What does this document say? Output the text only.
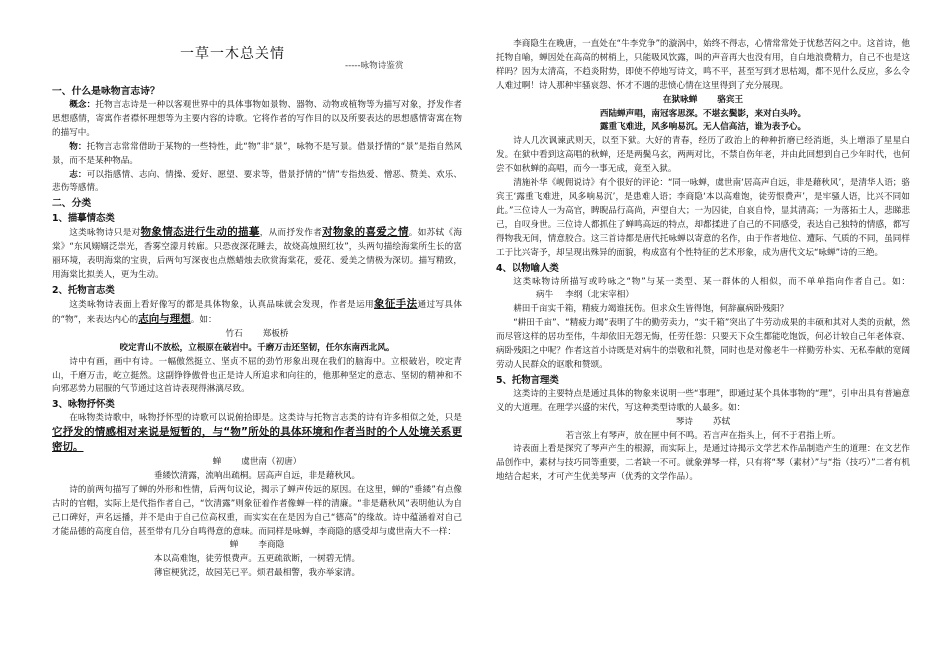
一草一木总关情
-----咏物诗鉴赏

一、什么是咏物言志诗？

概念：托物言志诗是一种以客观世界中的具体事物如景物、器物、动物或植物等为描写对象，抒发作者思想感情，寄寓作者襟怀理想等为主要内容的诗歌。它将作者的写作目的以及所要表达的思想感情寄寓在物的描写中。

物：托物言志常常借助于某物的一些特性，此“物”非“景”，咏物不是写景。借景抒情的“景”是指自然风景，而不是某种物品。

志：可以指感情、志向、情操、爱好、愿望、要求等，借景抒情的“情”专指热爱、憎恶、赞美、欢乐、悲伤等感情。

二、分类

1、描摹情态类

这类咏物诗只是对物象情态进行生动的描摹，从而抒发作者对物象的喜爱之情。如苏轼《海棠》“东风嫋嫋泛崇光，香雾空濛月转廊。只恐夜深花睡去，故烧高烛照红妆”，头两句描绘海棠所生长的富丽环境，表明海棠的宝贵，后两句写深夜也点燃蜡烛去欣赏海棠花，爱花、爱美之情极为深切。描写精致，用海棠比拟美人，更为生动。

2、托物言志类

这类咏物诗表面上看好像写的都是具体物象，认真品味就会发现，作者是运用象征手法通过写具体的“物”，来表达内心的志向与理想。如：

竹石 郑板桥

咬定青山不放松，立根原在破岩中。千磨万击还坚韧，任尔东南西北风。

诗中有画，画中有诗。一幅傲然挺立、坚贞不屈的劲竹形象出现在我们的脑海中。立根破岩，咬定青山，千磨万击，屹立挺然。这副铮铮傲骨也正是诗人所追求和向往的，他那种坚定的意志、坚韧的精神和不向邪恶势力屈服的气节通过这首诗表现得淋漓尽致。

3、咏物抒怀类

在咏物类诗歌中，咏物抒怀型的诗歌可以说俯拾即是。这类诗与托物言志类的诗有许多相似之处，只是它抒发的情感相对来说是短暂的，与“物”所处的具体环境和作者当时的个人处境关系更密切。

蝉 虞世南（初唐）

垂緌饮清露，流响出疏桐。居高声自远，非是藉秋风。

诗的前两句描写了蝉的外形和性情，后两句议论，揭示了蝉声传远的原因。在这里，蝉的“垂緌”有点像古时的官帽，实际上是代指作者自己，“饮清露”则象征着作者像蝉一样的清廉。“非是藉秋风”表明他认为自己口碑好，声名远播，并不是由于自己位高权重，而实实在在是因为自己“德高”的缘故。诗中蕴涵着对自己才能品德的高度自信，甚至带有几分自鸣得意的意味。而同样是咏蝉，李商隐的感受却与虞世南大不一样：

蝉 李商隐

本以高难饱，徒劳恨费声。五更疏欲断，一树碧无情。

薄宦梗犹泛，故园芜已平。烦君最相警，我亦举家清。

李商隐生在晚唐，一直处在“牛李党争”的漩涡中，始终不得志，心情常常处于忧愁苦闷之中。这首诗，他托物自喻，蝉因处在高高的树梢上，只能吸风饮露，叫的声音再大也没有用，自白地浪费精力，自己不也是这样吗？因为太清高，不趋炎附势，即使不停地写诗文，鸣不平，甚至写到才思枯竭，都不见什么反应，多么令人难过啊！诗人那种牢骚哀怨、怀才不遇的悲愤心情在这里得到了充分展现。

在狱咏蝉 骆宾王

西陆蝉声唱，南冠客思深。不堪玄鬓影，来对白头吟。

露重飞难进，风多响易沉。无人信高洁，谁为表予心。

诗人几次讽谏武则天，以至下狱。大好的青春，经历了政治上的种种折磨已经消逝，头上增添了星星白发。在狱中看到这高唱的秋蝉，还是两鬓乌玄，两两对比，不禁自伤年老，并由此回想到自己少年时代，也何尝不如秋蝉的高唱，而今一事无成，竟至入狱。

清施补华《岘佣说诗》有个很好的评论：“同一咏蝉，虞世南‘居高声自远，非是藉秋风’，是清华人语；骆宾王‘露重飞难进，风多响易沉’，是患难人语；李商隐‘本以高难饱，徒劳恨费声’，是牢骚人语，比兴不同如此。”三位诗人一为高官，睥睨品行高尚，声望自大；一为囚徒，自哀自怜，显其清高；一为落拓士人，悲睇悲己，自叹身世。三位诗人都抓住了蝉鸣高远的特点，却都揉进了自己的不同感受，表达自己独特的情感，都写得物我无间，情意胶合。这三首诗都是唐代托咏蝉以寄意的名作，由于作者地位、遭际、气质的不同，虽同样工于比兴寄予，却呈现出殊异的面貌，构成富有个性特征的艺术形象，成为唐代文坛“咏蝉”诗的三绝。

4、以物喻人类

这类咏物诗所描写或吟咏之“物”与某一类型、某一群体的人相似，而不单单指向作者自己。如：病牛 李纲（北宋宰相）

耕田千亩实千箱，精疲力竭谁抚伤。但求众生皆得饱，何辞赢病卧残阳？

“耕田千亩”、“精疲力竭”表明了牛的勤劳卖力，“实千箱”突出了牛劳动成果的丰硕和其对人类的贡献，然而尽管这样的居功至伟，牛却依旧无怨无悔，任劳任怨：只要天下众生都能吃饱饭，何必计较自己年老体衰、病卧残阳之中呢？作者这首小诗既是对病牛的崇敬和礼赞，同时也是对像老牛一样勤劳朴实、无私奉献的宽阔劳动人民群众的讴歌和赞颂。

5、托物言理类

这类诗的主要特点是通过具体的物象来说明一些“事理”，即通过某个具体事物的“理”，引申出具有普遍意义的大道理。在理学兴盛的宋代，写这种类型诗歌的人最多。如：

琴诗 苏轼

若言弦上有琴声，放在匣中何不鸣。若言声在指头上，何不于君指上听。

诗表面上看是探究了琴声产生的根源，而实际上，是通过诗揭示文学艺术作品制造产生的道理：在文艺作品创作中，素材与技巧同等重要，二者缺一不可。就象弹琴一样，只有将“琴（素材）”与“指（技巧）”二者有机地结合起来，才可产生优美琴声（优秀的文学作品）。
